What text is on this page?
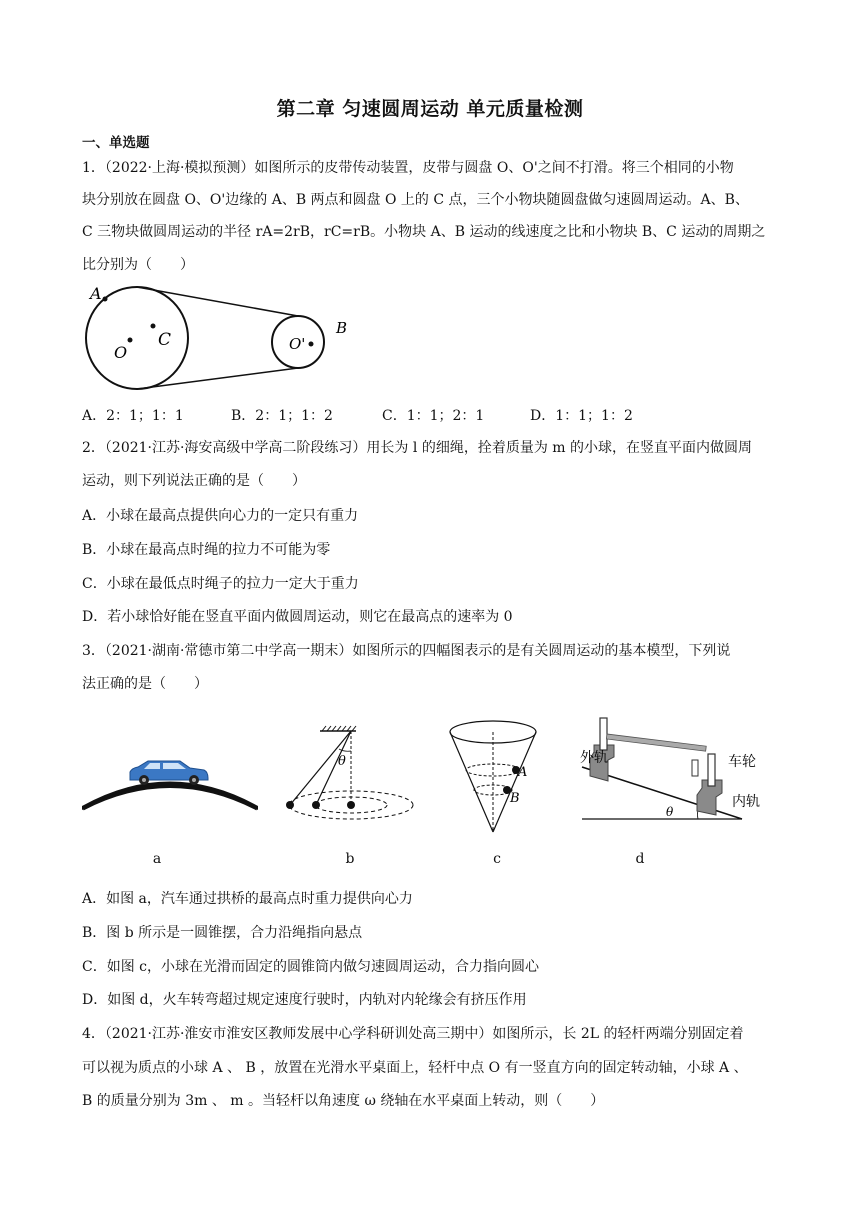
第二章 匀速圆周运动 单元质量检测
一、单选题
1．（2022·上海·模拟预测）如图所示的皮带传动装置，皮带与圆盘 O、O'之间不打滑。将三个相同的小物
块分别放在圆盘 O、O'边缘的 A、B 两点和圆盘 O 上的 C 点，三个小物块随圆盘做匀速圆周运动。A、B、
C 三物块做圆周运动的半径 rA=2rB，rC=rB。小物块 A、B 运动的线速度之比和小物块 B、C 运动的周期之
比分别为（　　）
A
C
O	O'
B
A．2：1；1：1	B．2：1；1：2	C．1：1；2：1	D．1：1；1：2
2．（2021·江苏·海安高级中学高二阶段练习）用长为 l 的细绳，拴着质量为 m 的小球，在竖直平面内做圆周
运动，则下列说法正确的是（　　）
A．小球在最高点提供向心力的一定只有重力
B．小球在最高点时绳的拉力不可能为零
C．小球在最低点时绳子的拉力一定大于重力
D．若小球恰好能在竖直平面内做圆周运动，则它在最高点的速率为 0
3．（2021·湖南·常德市第二中学高一期末）如图所示的四幅图表示的是有关圆周运动的基本模型，下列说
法正确的是（　　）
θ
A
B
θ
外轨	车轮
内轨
a	b	c	d
A．如图 a，汽车通过拱桥的最高点时重力提供向心力
B．图 b 所示是一圆锥摆，合力沿绳指向悬点
C．如图 c，小球在光滑而固定的圆锥筒内做匀速圆周运动，合力指向圆心
D．如图 d，火车转弯超过规定速度行驶时，内轨对内轮缘会有挤压作用
4．（2021·江苏·淮安市淮安区教师发展中心学科研训处高三期中）如图所示，长 2L 的轻杆两端分别固定着
可以视为质点的小球 A 、 B ，放置在光滑水平桌面上，轻杆中点 O 有一竖直方向的固定转动轴，小球 A 、
B 的质量分别为 3m 、 m 。当轻杆以角速度 ω 绕轴在水平桌面上转动，则（　　）
